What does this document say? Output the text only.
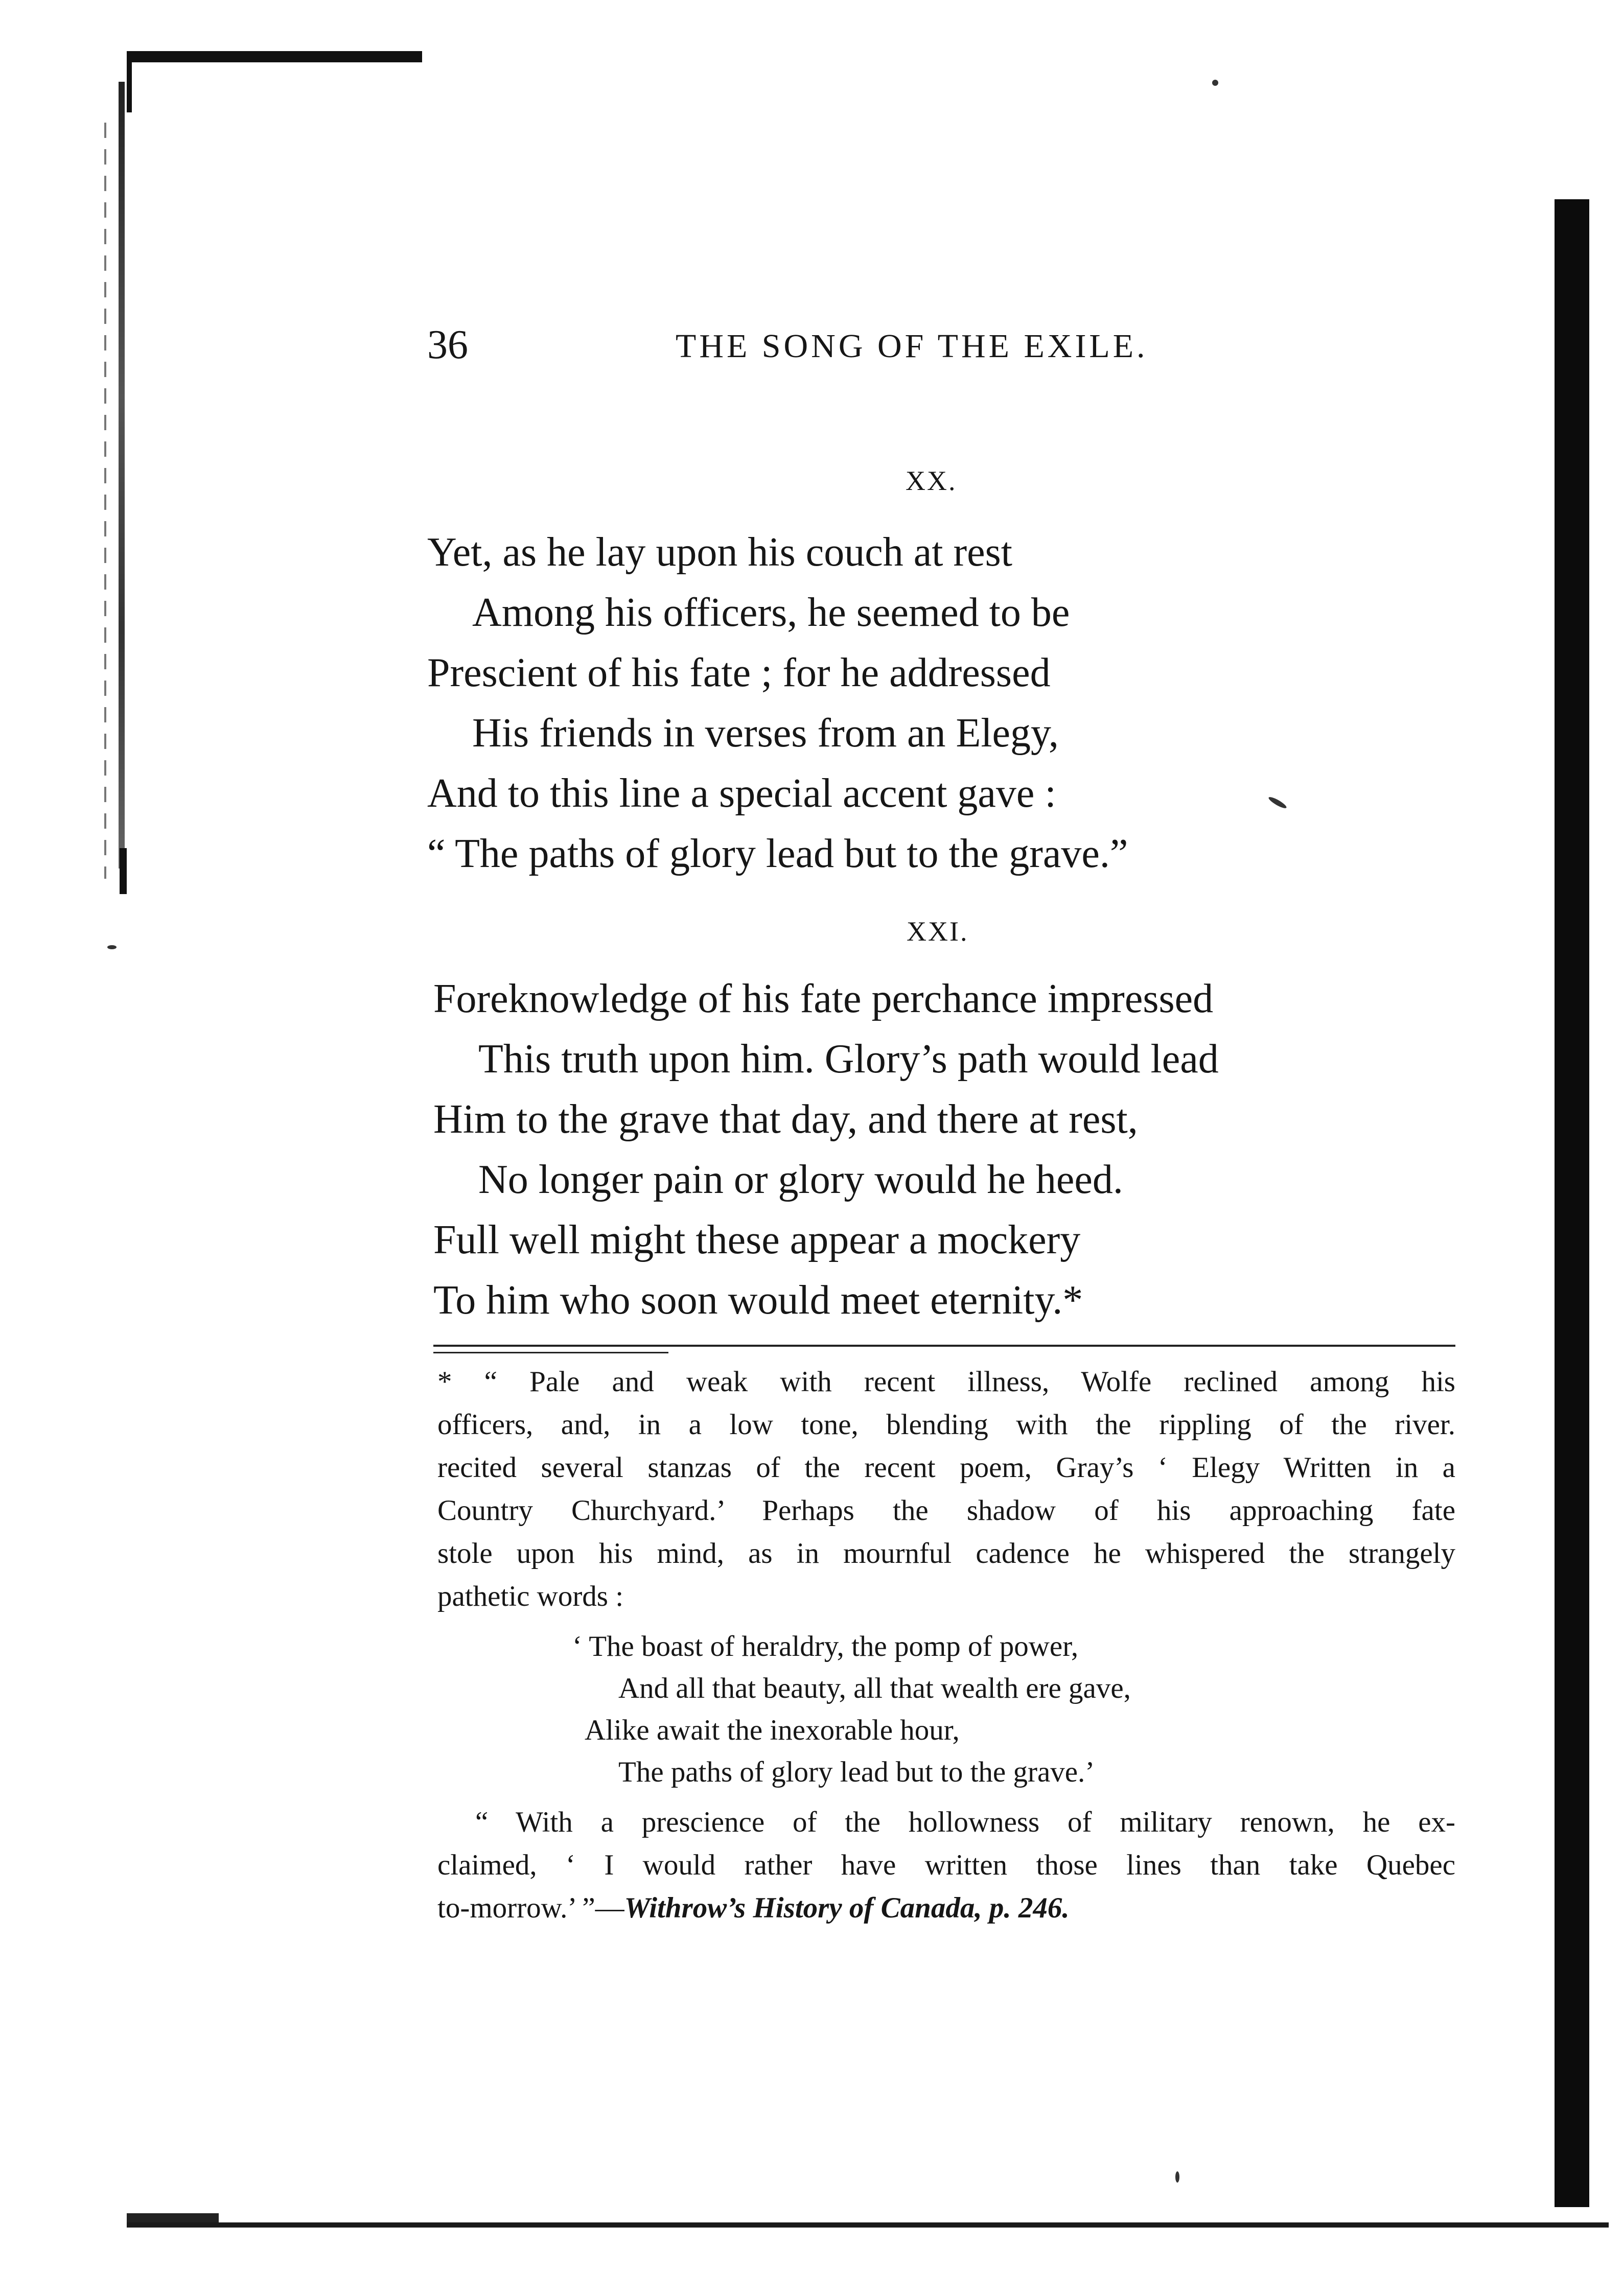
36	THE SONG OF THE EXILE.
XX.
Yet, as he lay upon his couch at rest
Among his officers, he seemed to be
Prescient of his fate ; for he addressed
His friends in verses from an Elegy,
And to this line a special accent gave :
“ The paths of glory lead but to the grave.”
XXI.
Foreknowledge of his fate perchance impressed
This truth upon him. Glory’s path would lead
Him to the grave that day, and there at rest,
No longer pain or glory would he heed.
Full well might these appear a mockery
To him who soon would meet eternity.*
* “ Pale and weak with recent illness, Wolfe reclined among his
officers, and, in a low tone, blending with the rippling of the river.
recited several stanzas of the recent poem, Gray’s ‘ Elegy Written in a
Country Churchyard.’ Perhaps the shadow of his approaching fate
stole upon his mind, as in mournful cadence he whispered the strangely
pathetic words :
‘ The boast of heraldry, the pomp of power,
And all that beauty, all that wealth ere gave,
Alike await the inexorable hour,
The paths of glory lead but to the grave.’
“ With a prescience of the hollowness of military renown, he ex-
claimed, ‘ I would rather have written those lines than take Quebec
to-morrow.’ ”—Withrow’s History of Canada, p. 246.
